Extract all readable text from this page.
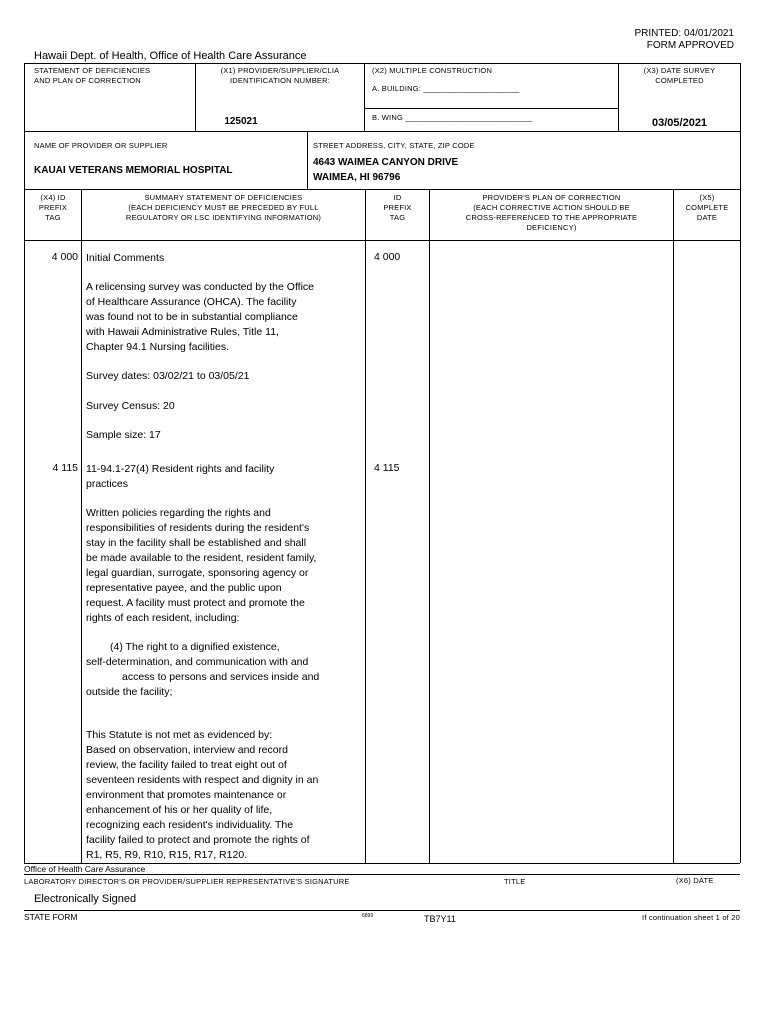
PRINTED: 04/01/2021
FORM APPROVED
Hawaii Dept. of Health, Office of Health Care Assurance
STATEMENT OF DEFICIENCIES
AND PLAN OF CORRECTION
(X1) PROVIDER/SUPPLIER/CLIA
IDENTIFICATION NUMBER:
125021
(X2) MULTIPLE CONSTRUCTION
A. BUILDING: ______________________
B. WING _____________________________
(X3) DATE SURVEY
COMPLETED
03/05/2021
NAME OF PROVIDER OR SUPPLIER
KAUAI VETERANS MEMORIAL HOSPITAL
STREET ADDRESS, CITY, STATE, ZIP CODE
4643 WAIMEA CANYON DRIVE
WAIMEA, HI 96796
(X4) ID
PREFIX
TAG
SUMMARY STATEMENT OF DEFICIENCIES
(EACH DEFICIENCY MUST BE PRECEDED BY FULL
REGULATORY OR LSC IDENTIFYING INFORMATION)
ID
PREFIX
TAG
PROVIDER'S PLAN OF CORRECTION
(EACH CORRECTIVE ACTION SHOULD BE
CROSS-REFERENCED TO THE APPROPRIATE
DEFICIENCY)
(X5)
COMPLETE
DATE
4 000	4 000
Initial Comments
A relicensing survey was conducted by the Office
of Healthcare Assurance (OHCA). The facility
was found not to be in substantial compliance
with Hawaii Administrative Rules, Title 11,
Chapter 94.1 Nursing facilities.
Survey dates: 03/02/21 to 03/05/21
Survey Census: 20
Sample size: 17
4 115	4 115
11-94.1-27(4) Resident rights and facility
practices
Written policies regarding the rights and
responsibilities of residents during the resident's
stay in the facility shall be established and shall
be made available to the resident, resident family,
legal guardian, surrogate, sponsoring agency or
representative payee, and the public upon
request. A facility must protect and promote the
rights of each resident, including:
(4) The right to a dignified existence,
self-determination, and communication with and
access to persons and services inside and
outside the facility;
This Statute is not met as evidenced by:
Based on observation, interview and record
review, the facility failed to treat eight out of
seventeen residents with respect and dignity in an
environment that promotes maintenance or
enhancement of his or her quality of life,
recognizing each resident's individuality. The
facility failed to protect and promote the rights of
R1, R5, R9, R10, R15, R17, R120.
Office of Health Care Assurance
LABORATORY DIRECTOR'S OR PROVIDER/SUPPLIER REPRESENTATIVE'S SIGNATURE	TITLE	(X6) DATE
Electronically Signed
STATE FORM	6899	TB7Y11	If continuation sheet 1 of 20
